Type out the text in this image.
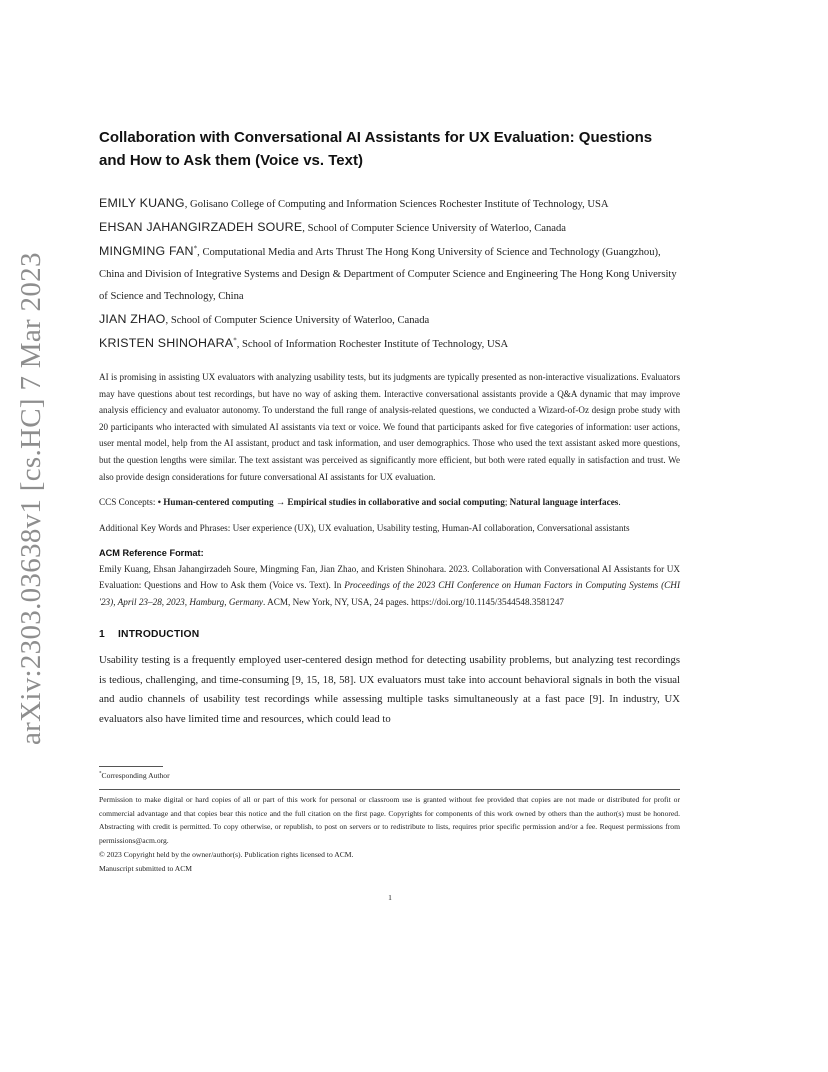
arXiv:2303.03638v1 [cs.HC] 7 Mar 2023
Collaboration with Conversational AI Assistants for UX Evaluation: Questions and How to Ask them (Voice vs. Text)
EMILY KUANG, Golisano College of Computing and Information Sciences Rochester Institute of Technology, USA
EHSAN JAHANGIRZADEH SOURE, School of Computer Science University of Waterloo, Canada
MINGMING FAN*, Computational Media and Arts Thrust The Hong Kong University of Science and Technology (Guangzhou), China and Division of Integrative Systems and Design & Department of Computer Science and Engineering The Hong Kong University of Science and Technology, China
JIAN ZHAO, School of Computer Science University of Waterloo, Canada
KRISTEN SHINOHARA*, School of Information Rochester Institute of Technology, USA

AI is promising in assisting UX evaluators with analyzing usability tests, but its judgments are typically presented as non-interactive visualizations. Evaluators may have questions about test recordings, but have no way of asking them. Interactive conversational assistants provide a Q&A dynamic that may improve analysis efficiency and evaluator autonomy. To understand the full range of analysis-related questions, we conducted a Wizard-of-Oz design probe study with 20 participants who interacted with simulated AI assistants via text or voice. We found that participants asked for five categories of information: user actions, user mental model, help from the AI assistant, product and task information, and user demographics. Those who used the text assistant asked more questions, but the question lengths were similar. The text assistant was perceived as significantly more efficient, but both were rated equally in satisfaction and trust. We also provide design considerations for future conversational AI assistants for UX evaluation.

CCS Concepts: • Human-centered computing → Empirical studies in collaborative and social computing; Natural language interfaces.
Additional Key Words and Phrases: User experience (UX), UX evaluation, Usability testing, Human-AI collaboration, Conversational assistants
ACM Reference Format:
Emily Kuang, Ehsan Jahangirzadeh Soure, Mingming Fan, Jian Zhao, and Kristen Shinohara. 2023. Collaboration with Conversational AI Assistants for UX Evaluation: Questions and How to Ask them (Voice vs. Text). In Proceedings of the 2023 CHI Conference on Human Factors in Computing Systems (CHI '23), April 23–28, 2023, Hamburg, Germany. ACM, New York, NY, USA, 24 pages. https://doi.org/10.1145/3544548.3581247
1 INTRODUCTION

Usability testing is a frequently employed user-centered design method for detecting usability problems, but analyzing test recordings is tedious, challenging, and time-consuming [9, 15, 18, 58]. UX evaluators must take into account behavioral signals in both the visual and audio channels of usability test recordings while assessing multiple tasks simultaneously at a fast pace [9]. In industry, UX evaluators also have limited time and resources, which could lead to

*Corresponding Author
Permission to make digital or hard copies of all or part of this work for personal or classroom use is granted without fee provided that copies are not made or distributed for profit or commercial advantage and that copies bear this notice and the full citation on the first page. Copyrights for components of this work owned by others than the author(s) must be honored. Abstracting with credit is permitted. To copy otherwise, or republish, to post on servers or to redistribute to lists, requires prior specific permission and/or a fee. Request permissions from permissions@acm.org.
© 2023 Copyright held by the owner/author(s). Publication rights licensed to ACM.
Manuscript submitted to ACM
1
